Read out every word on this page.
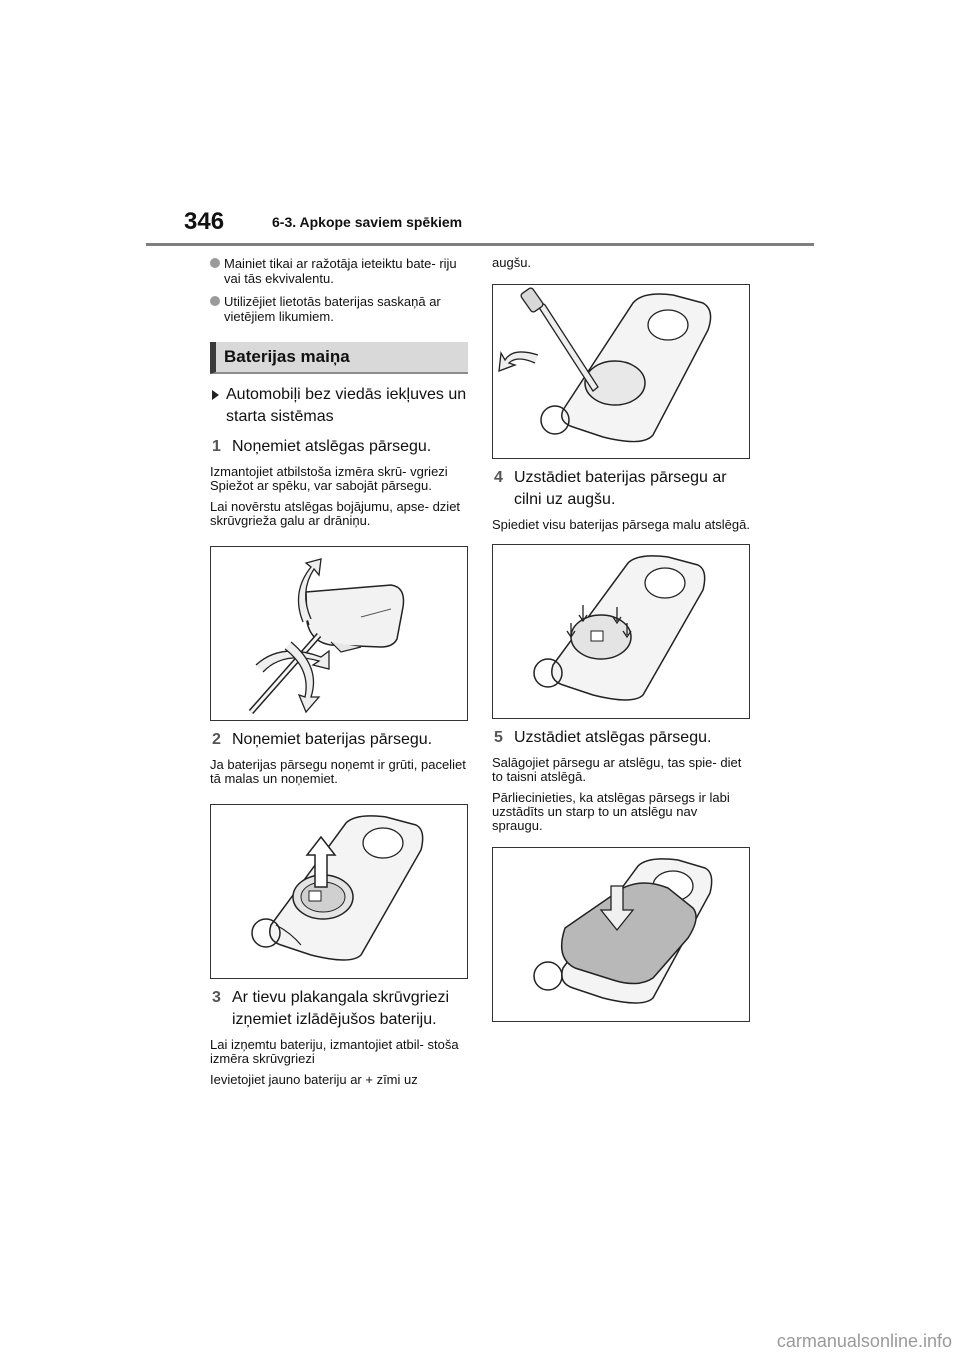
346	6-3. Apkope saviem spēkiem
Mainiet tikai ar ražotāja ieteiktu bate- riju vai tās ekvivalentu.
Utilizējiet lietotās baterijas saskaņā ar vietējiem likumiem.
Baterijas maiņa
Automobiļi bez viedās iekļuves un starta sistēmas
1 Noņemiet atslēgas pārsegu.
Izmantojiet atbilstoša izmēra skrū- vgriezi Spiežot ar spēku, var sabojāt pārsegu.
Lai novērstu atslēgas bojājumu, apse- dziet skrūvgrieža galu ar drāniņu.
2 Noņemiet baterijas pārsegu.
Ja baterijas pārsegu noņemt ir grūti, paceliet tā malas un noņemiet.
3 Ar tievu plakangala skrūvgriezi izņemiet izlādējušos bateriju.
Lai izņemtu bateriju, izmantojiet atbil- stoša izmēra skrūvgriezi
Ievietojiet jauno bateriju ar + zīmi uz
augšu.
4 Uzstādiet baterijas pārsegu ar cilni uz augšu.
Spiediet visu baterijas pārsega malu atslēgā.
5 Uzstādiet atslēgas pārsegu.
Salāgojiet pārsegu ar atslēgu, tas spie- diet to taisni atslēgā.
Pārliecinieties, ka atslēgas pārsegs ir labi uzstādīts un starp to un atslēgu nav spraugu.
carmanualsonline.info
